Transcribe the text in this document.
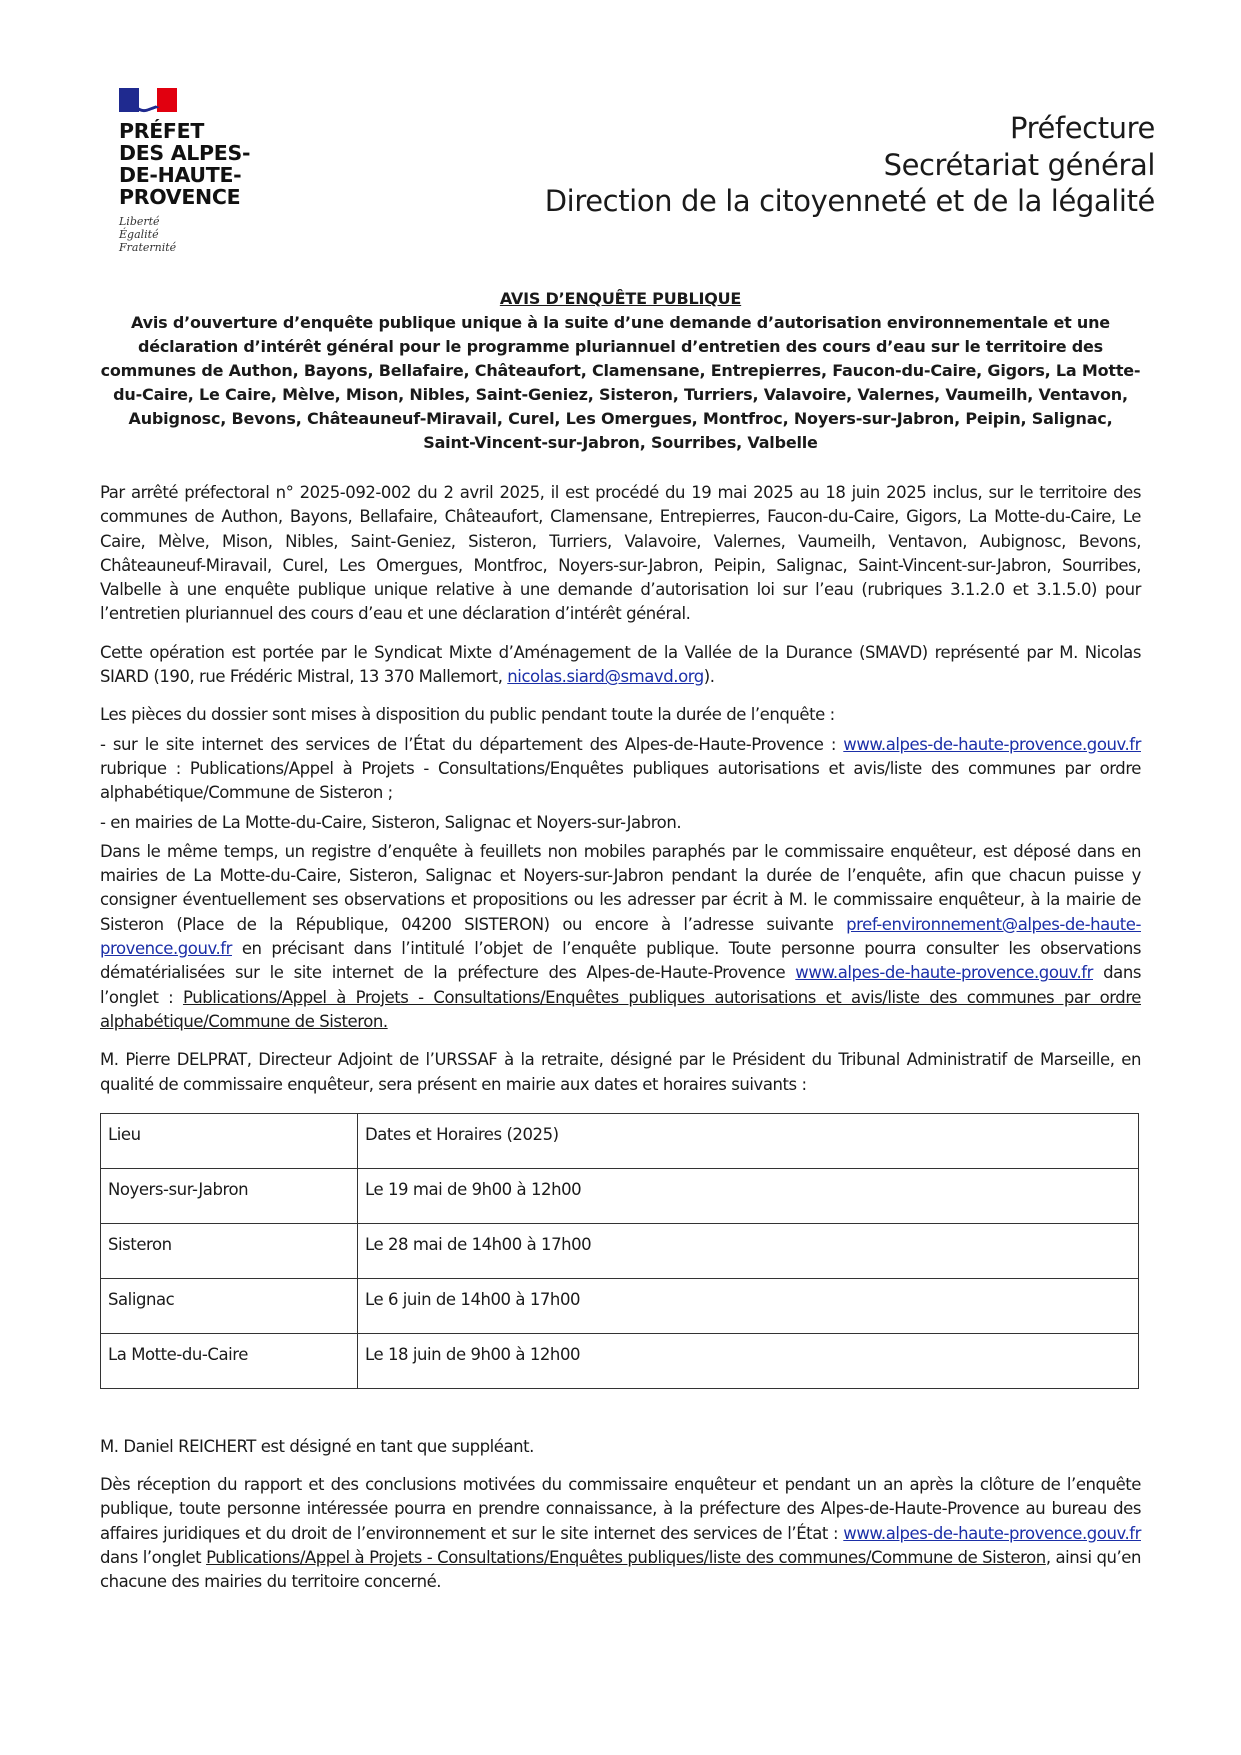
PRÉFET
DES ALPES-
DE-HAUTE-
PROVENCE
Liberté
Égalité
Fraternité
Préfecture
Secrétariat général
Direction de la citoyenneté et de la légalité
AVIS D’ENQUÊTE PUBLIQUE
Avis d’ouverture d’enquête publique unique à la suite d’une demande d’autorisation environnementale et une déclaration d’intérêt général pour le programme pluriannuel d’entretien des cours d’eau sur le territoire des communes de Authon, Bayons, Bellafaire, Châteaufort, Clamensane, Entrepierres, Faucon-du-Caire, Gigors, La Motte-du-Caire, Le Caire, Mèlve, Mison, Nibles, Saint-Geniez, Sisteron, Turriers, Valavoire, Valernes, Vaumeilh, Ventavon, Aubignosc, Bevons, Châteauneuf-Miravail, Curel, Les Omergues, Montfroc, Noyers-sur-Jabron, Peipin, Salignac, Saint-Vincent-sur-Jabron, Sourribes, Valbelle

Par arrêté préfectoral n° 2025-092-002 du 2 avril 2025, il est procédé du 19 mai 2025 au 18 juin 2025 inclus, sur le territoire des communes de Authon, Bayons, Bellafaire, Châteaufort, Clamensane, Entrepierres, Faucon-du-Caire, Gigors, La Motte-du-Caire, Le Caire, Mèlve, Mison, Nibles, Saint-Geniez, Sisteron, Turriers, Valavoire, Valernes, Vaumeilh, Ventavon, Aubignosc, Bevons, Châteauneuf-Miravail, Curel, Les Omergues, Montfroc, Noyers-sur-Jabron, Peipin, Salignac, Saint-Vincent-sur-Jabron, Sourribes, Valbelle à une enquête publique unique relative à une demande d’autorisation loi sur l’eau (rubriques 3.1.2.0 et 3.1.5.0) pour l’entretien pluriannuel des cours d’eau et une déclaration d’intérêt général.

Cette opération est portée par le Syndicat Mixte d’Aménagement de la Vallée de la Durance (SMAVD) représenté par M. Nicolas SIARD (190, rue Frédéric Mistral, 13 370 Mallemort, nicolas.siard@smavd.org).

Les pièces du dossier sont mises à disposition du public pendant toute la durée de l’enquête :

- sur le site internet des services de l’État du département des Alpes-de-Haute-Provence : www.alpes-de-haute-provence.gouv.fr rubrique : Publications/Appel à Projets - Consultations/Enquêtes publiques autorisations et avis/liste des communes par ordre alphabétique/Commune de Sisteron ;

- en mairies de La Motte-du-Caire, Sisteron, Salignac et Noyers-sur-Jabron.

Dans le même temps, un registre d’enquête à feuillets non mobiles paraphés par le commissaire enquêteur, est déposé dans en mairies de La Motte-du-Caire, Sisteron, Salignac et Noyers-sur-Jabron pendant la durée de l’enquête, afin que chacun puisse y consigner éventuellement ses observations et propositions ou les adresser par écrit à M. le commissaire enquêteur, à la mairie de Sisteron (Place de la République, 04200 SISTERON) ou encore à l’adresse suivante pref-environnement@alpes-de-haute-provence.gouv.fr en précisant dans l’intitulé l’objet de l’enquête publique. Toute personne pourra consulter les observations dématérialisées sur le site internet de la préfecture des Alpes-de-Haute-Provence www.alpes-de-haute-provence.gouv.fr dans l’onglet : Publications/Appel à Projets - Consultations/Enquêtes publiques autorisations et avis/liste des communes par ordre alphabétique/Commune de Sisteron.

M. Pierre DELPRAT, Directeur Adjoint de l’URSSAF à la retraite, désigné par le Président du Tribunal Administratif de Marseille, en qualité de commissaire enquêteur, sera présent en mairie aux dates et horaires suivants :

Lieu	Dates et Horaires (2025)
Noyers-sur-Jabron	Le 19 mai de 9h00 à 12h00
Sisteron	Le 28 mai de 14h00 à 17h00
Salignac	Le 6 juin de 14h00 à 17h00
La Motte-du-Caire	Le 18 juin de 9h00 à 12h00

M. Daniel REICHERT est désigné en tant que suppléant.

Dès réception du rapport et des conclusions motivées du commissaire enquêteur et pendant un an après la clôture de l’enquête publique, toute personne intéressée pourra en prendre connaissance, à la préfecture des Alpes-de-Haute-Provence au bureau des affaires juridiques et du droit de l’environnement et sur le site internet des services de l’État : www.alpes-de-haute-provence.gouv.fr dans l’onglet Publications/Appel à Projets - Consultations/Enquêtes publiques/liste des communes/Commune de Sisteron, ainsi qu’en chacune des mairies du territoire concerné.
